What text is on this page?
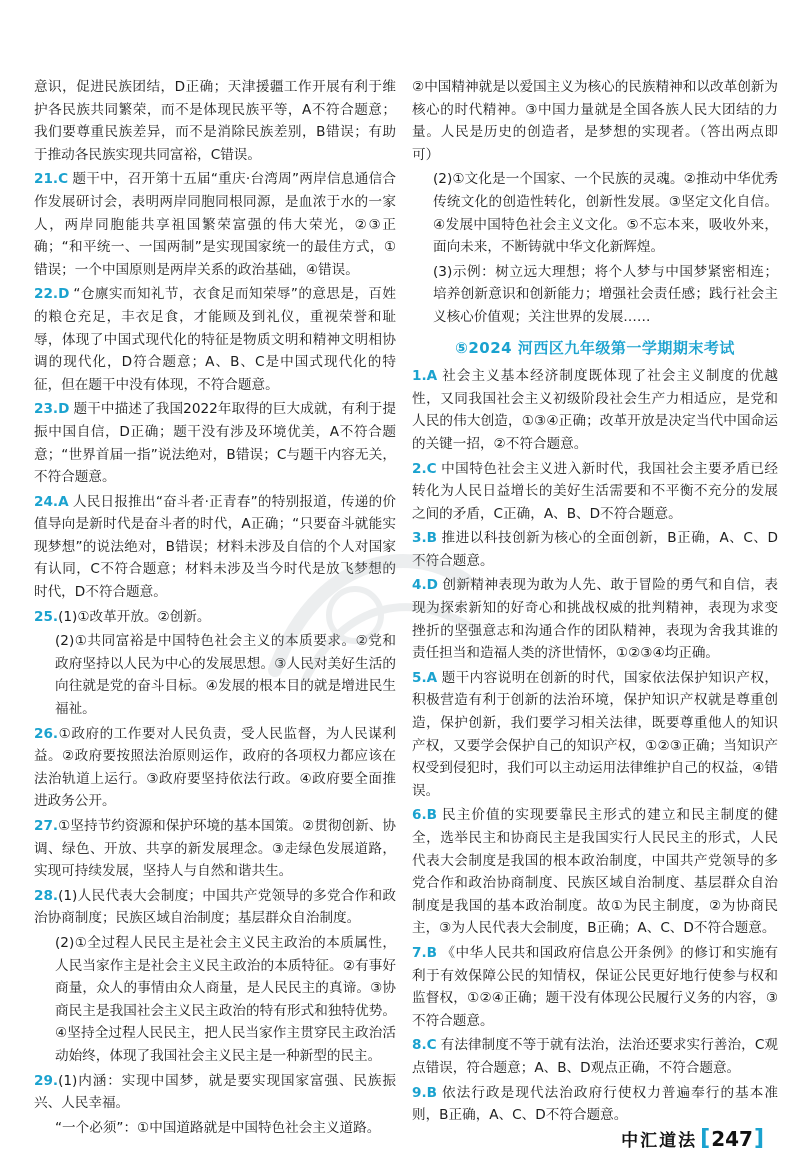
意识，促进民族团结，D正确；天津援疆工作开展有利于维护各民族共同繁荣，而不是体现民族平等，A不符合题意；我们要尊重民族差异，而不是消除民族差别，B错误；有助于推动各民族实现共同富裕，C错误。
21.C 题干中，召开第十五届“重庆·台湾周”两岸信息通信合作发展研讨会，表明两岸同胞同根同源，是血浓于水的一家人，两岸同胞能共享祖国繁荣富强的伟大荣光，②③正确；“和平统一、一国两制”是实现国家统一的最佳方式，①错误；一个中国原则是两岸关系的政治基础，④错误。
22.D “仓廪实而知礼节，衣食足而知荣辱”的意思是，百姓的粮仓充足，丰衣足食，才能顾及到礼仪，重视荣誉和耻辱，体现了中国式现代化的特征是物质文明和精神文明相协调的现代化，D符合题意；A、B、C是中国式现代化的特征，但在题干中没有体现，不符合题意。
23.D 题干中描述了我国2022年取得的巨大成就，有利于提振中国自信，D正确；题干没有涉及环境优美，A不符合题意；“世界首届一指”说法绝对，B错误；C与题干内容无关，不符合题意。
24.A 人民日报推出“奋斗者·正青春”的特别报道，传递的价值导向是新时代是奋斗者的时代，A正确；“只要奋斗就能实现梦想”的说法绝对，B错误；材料未涉及自信的个人对国家有认同，C不符合题意；材料未涉及当今时代是放飞梦想的时代，D不符合题意。
25.(1)①改革开放。②创新。
(2)①共同富裕是中国特色社会主义的本质要求。②党和政府坚持以人民为中心的发展思想。③人民对美好生活的向往就是党的奋斗目标。④发展的根本目的就是增进民生福祉。
26.①政府的工作要对人民负责，受人民监督，为人民谋利益。②政府要按照法治原则运作，政府的各项权力都应该在法治轨道上运行。③政府要坚持依法行政。④政府要全面推进政务公开。
27.①坚持节约资源和保护环境的基本国策。②贯彻创新、协调、绿色、开放、共享的新发展理念。③走绿色发展道路，实现可持续发展，坚持人与自然和谐共生。
28.(1)人民代表大会制度；中国共产党领导的多党合作和政治协商制度；民族区域自治制度；基层群众自治制度。
(2)①全过程人民民主是社会主义民主政治的本质属性，人民当家作主是社会主义民主政治的本质特征。②有事好商量，众人的事情由众人商量，是人民民主的真谛。③协商民主是我国社会主义民主政治的特有形式和独特优势。④坚持全过程人民民主，把人民当家作主贯穿民主政治活动始终，体现了我国社会主义民主是一种新型的民主。
29.(1)内涵：实现中国梦，就是要实现国家富强、民族振兴、人民幸福。
“一个必须”：①中国道路就是中国特色社会主义道路。
②中国精神就是以爱国主义为核心的民族精神和以改革创新为核心的时代精神。③中国力量就是全国各族人民大团结的力量。人民是历史的创造者，是梦想的实现者。（答出两点即可）
(2)①文化是一个国家、一个民族的灵魂。②推动中华优秀传统文化的创造性转化，创新性发展。③坚定文化自信。④发展中国特色社会主义文化。⑤不忘本来，吸收外来，面向未来，不断铸就中华文化新辉煌。
(3)示例：树立远大理想；将个人梦与中国梦紧密相连；培养创新意识和创新能力；增强社会责任感；践行社会主义核心价值观；关注世界的发展……
⑤2024 河西区九年级第一学期期末考试
1.A 社会主义基本经济制度既体现了社会主义制度的优越性，又同我国社会主义初级阶段社会生产力相适应，是党和人民的伟大创造，①③④正确；改革开放是决定当代中国命运的关键一招，②不符合题意。
2.C 中国特色社会主义进入新时代，我国社会主要矛盾已经转化为人民日益增长的美好生活需要和不平衡不充分的发展之间的矛盾，C正确，A、B、D不符合题意。
3.B 推进以科技创新为核心的全面创新，B正确，A、C、D不符合题意。
4.D 创新精神表现为敢为人先、敢于冒险的勇气和自信，表现为探索新知的好奇心和挑战权威的批判精神，表现为求变挫折的坚强意志和沟通合作的团队精神，表现为舍我其谁的责任担当和造福人类的济世情怀，①②③④均正确。
5.A 题干内容说明在创新的时代，国家依法保护知识产权，积极营造有利于创新的法治环境，保护知识产权就是尊重创造，保护创新，我们要学习相关法律，既要尊重他人的知识产权，又要学会保护自己的知识产权，①②③正确；当知识产权受到侵犯时，我们可以主动运用法律维护自己的权益，④错误。
6.B 民主价值的实现要靠民主形式的建立和民主制度的健全，选举民主和协商民主是我国实行人民民主的形式，人民代表大会制度是我国的根本政治制度，中国共产党领导的多党合作和政治协商制度、民族区域自治制度、基层群众自治制度是我国的基本政治制度。故①为民主制度，②为协商民主，③为人民代表大会制度，B正确；A、C、D不符合题意。
7.B 《中华人民共和国政府信息公开条例》的修订和实施有利于有效保障公民的知情权，保证公民更好地行使参与权和监督权，①②④正确；题干没有体现公民履行义务的内容，③不符合题意。
8.C 有法律制度不等于就有法治，法治还要求实行善治，C观点错误，符合题意；A、B、D观点正确，不符合题意。
9.B 依法行政是现代法治政府行使权力普遍奉行的基本准则，B正确，A、C、D不符合题意。
中汇道法 [ 247 ]
